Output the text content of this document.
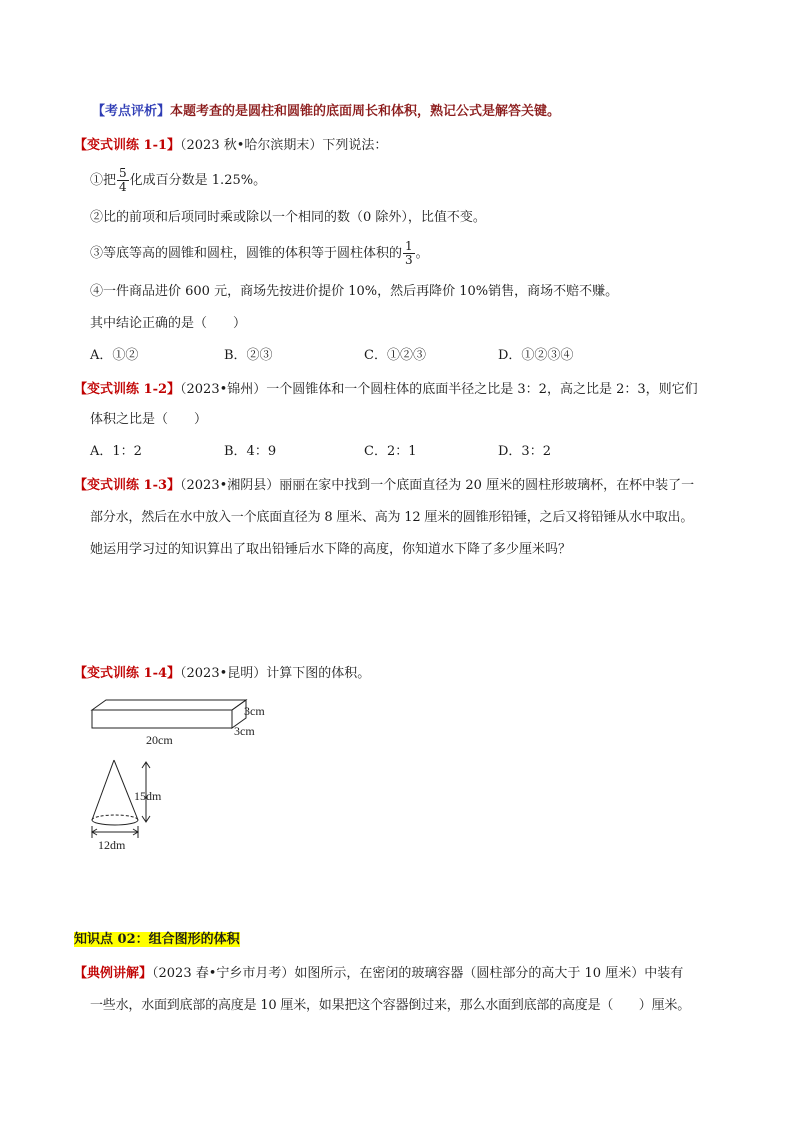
【考点评析】本题考查的是圆柱和圆锥的底面周长和体积，熟记公式是解答关键。
【变式训练 1-1】（2023 秋•哈尔滨期末）下列说法：
①把 $\frac{5}{4}$ 化成百分数是 1.25%。
②比的前项和后项同时乘或除以一个相同的数（0 除外），比值不变。
③等底等高的圆锥和圆柱，圆锥的体积等于圆柱体积的 $\frac{1}{3}$ 。
④一件商品进价 600 元，商场先按进价提价 10%，然后再降价 10%销售，商场不赔不赚。
其中结论正确的是（　　）
A．①②	B．②③	C．①②③	D．①②③④
【变式训练 1-2】（2023•锦州）一个圆锥体和一个圆柱体的底面半径之比是 3：2，高之比是 2：3，则它们
体积之比是（　　）
A．1：2	B．4：9	C．2：1	D．3：2
【变式训练 1-3】（2023•湘阴县）丽丽在家中找到一个底面直径为 20 厘米的圆柱形玻璃杯，在杯中装了一
部分水，然后在水中放入一个底面直径为 8 厘米、高为 12 厘米的圆锥形铅锤，之后又将铅锤从水中取出。
她运用学习过的知识算出了取出铅锤后水下降的高度，你知道水下降了多少厘米吗？
【变式训练 1-4】（2023•昆明）计算下图的体积。
3cm
3cm
20cm
15dm
12dm
知识点 02：组合图形的体积
【典例讲解】（2023 春•宁乡市月考）如图所示，在密闭的玻璃容器（圆柱部分的高大于 10 厘米）中装有
一些水，水面到底部的高度是 10 厘米，如果把这个容器倒过来，那么水面到底部的高度是（　　）厘米。
